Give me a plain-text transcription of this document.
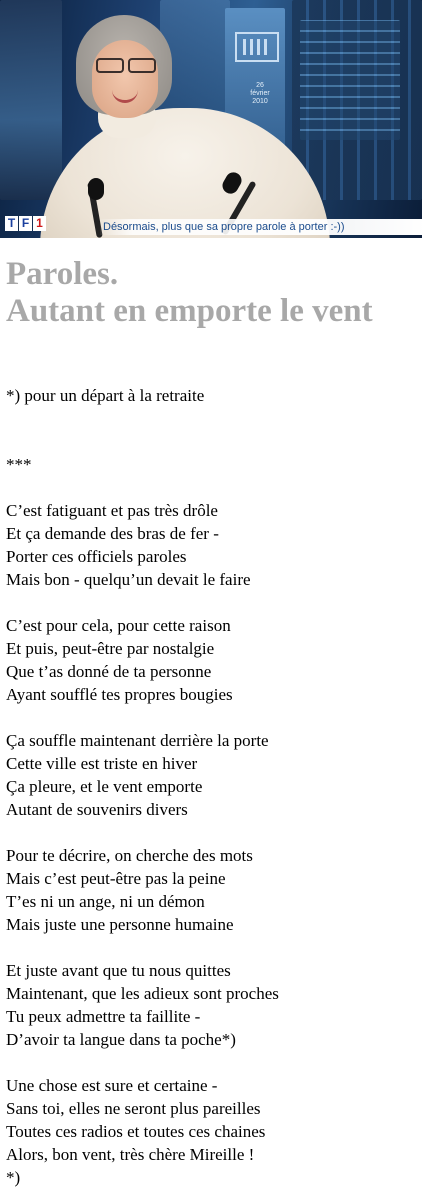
26
février
2010
T F 1	Désormais, plus que sa propre parole à porter :-))
Paroles.
Autant en emporte le vent
*) pour un départ à la retraite
***
C’est fatiguant et pas très drôle
Et ça demande des bras de fer -
Porter ces officiels paroles
Mais bon - quelqu’un devait le faire
C’est pour cela, pour cette raison
Et puis, peut-être par nostalgie
Que t’as donné de ta personne
Ayant soufflé tes propres bougies
Ça souffle maintenant derrière la porte
Cette ville est triste en hiver
Ça pleure, et le vent emporte
Autant de souvenirs divers
Pour te décrire, on cherche des mots
Mais c’est peut-être pas la peine
T’es ni un ange, ni un démon
Mais juste une personne humaine
Et juste avant que tu nous quittes
Maintenant, que les adieux sont proches
Tu peux admettre ta faillite -
D’avoir ta langue dans ta poche*)
Une chose est sure et certaine -
Sans toi, elles ne seront plus pareilles
Toutes ces radios et toutes ces chaines
Alors, bon vent, très chère Mireille !
*)
